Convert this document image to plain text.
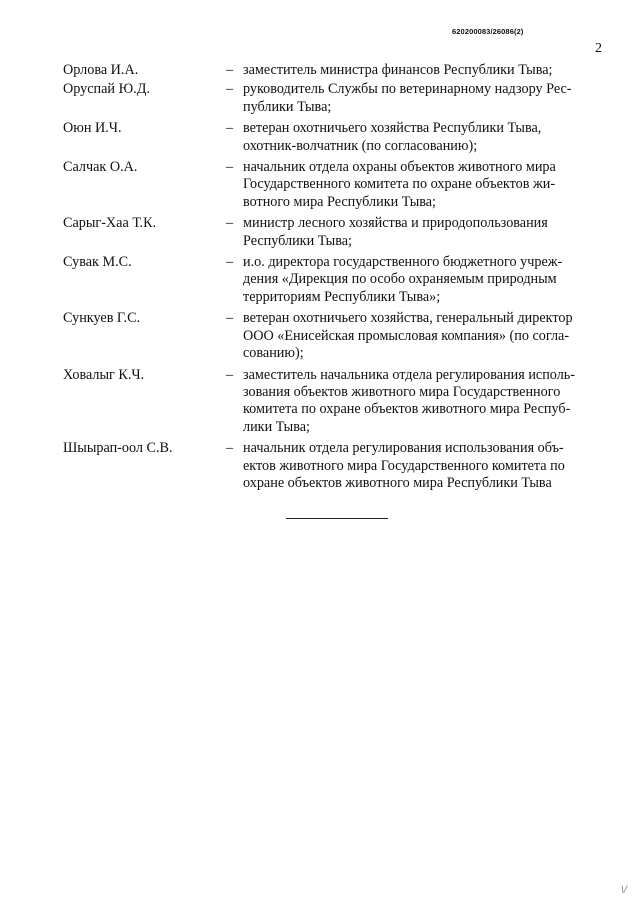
620200083/26086(2)
2
Орлова И.А.	– заместитель министра финансов Республики Тыва;
Оруспай Ю.Д.	– руководитель Службы по ветеринарному надзору Рес-
публики Тыва;
Оюн И.Ч.	– ветеран охотничьего хозяйства Республики Тыва,
охотник-волчатник (по согласованию);
Салчак О.А.	– начальник отдела охраны объектов животного мира
Государственного комитета по охране объектов жи-
вотного мира Республики Тыва;
Сарыг-Хаа Т.К.	– министр лесного хозяйства и природопользования
Республики Тыва;
Сувак М.С.	– и.о. директора государственного бюджетного учреж-
дения «Дирекция по особо охраняемым природным
территориям Республики Тыва»;
Сункуев Г.С.	– ветеран охотничьего хозяйства, генеральный директор
ООО «Енисейская промысловая компания» (по согла-
сованию);
Ховалыг К.Ч.	– заместитель начальника отдела регулирования исполь-
зования объектов животного мира Государственного
комитета по охране объектов животного мира Респуб-
лики Тыва;
Шыырап-оол С.В.	– начальник отдела регулирования использования объ-
ектов животного мира Государственного комитета по
охране объектов животного мира Республики Тыва
\/
